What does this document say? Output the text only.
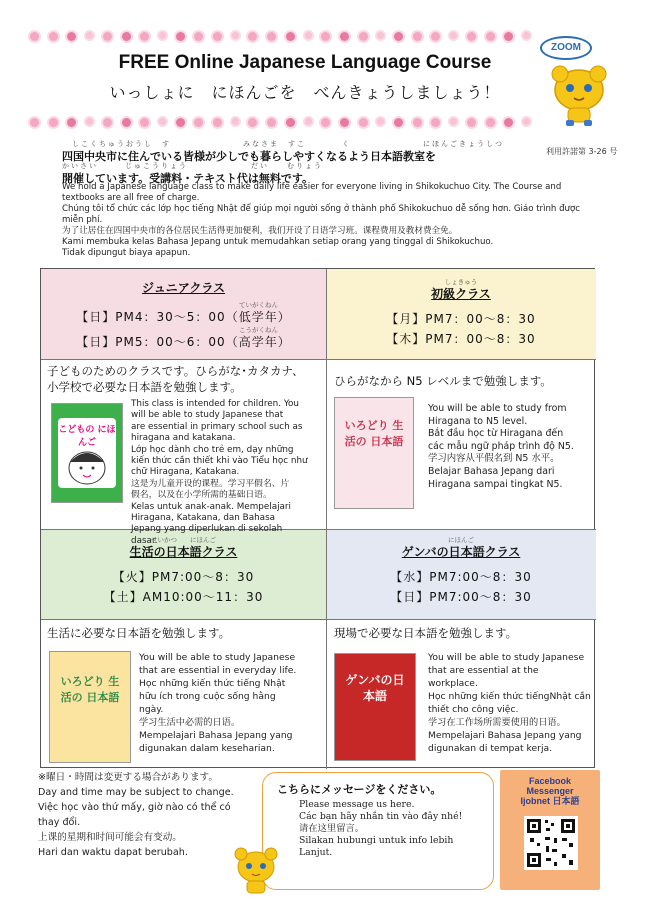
FREE Online Japanese Language Course
いっしょに　にほんごを　べんきょうしましょう！
ZOOM
利用許諾第 3-26 号
しこくちゅうおうし　す　　　　　　　　みなさま　すこ　　　　く　　　　　　　　にほんごきょうしつ
四国中央市に住んでいる皆様が少しでも暮らしやすくなるよう日本語教室を
かいさい　　　じゅこうりょう　　　　　　　だい　　むりょう
開催しています。受講料・テキスト代は無料です。

We hold a Japanese language class to make daily life easier for everyone living in Shikokuchuo City. The Course and textbooks are all free of charge.

Chúng tôi tổ chức các lớp học tiếng Nhật để giúp mọi người sống ở thành phố Shikokuchuo dễ sống hơn. Giáo trình được miễn phí.

为了让居住在四国中央市的各位居民生活得更加便利，我们开设了日语学习班。课程费用及教材费全免。

Kami membuka kelas Bahasa Jepang untuk memudahkan setiap orang yang tinggal di Shikokuchuo.

Tidak dipungut biaya apapun.

ジュニアクラス
ていがくねん
【日】PM4：30～5：00（低学年）
こうがくねん
【日】PM5：00～6：00（高学年）
しょきゅう
初級クラス
【月】PM7：00～8：30
【木】PM7：00～8：30
子どものためのクラスです。ひらがな･カタカナ、
小学校で必要な日本語を勉強します。
こどもの にほんご
This class is intended for children. You
will be able to study Japanese that
are essential in primary school such as
hiragana and katakana.
Lớp học dành cho trẻ em, dạy những
kiến thức cần thiết khi vào Tiểu học như
chữ Hiragana, Katakana.
这是为儿童开设的课程。学习平假名、片
假名，以及在小学所需的基础日语。
Kelas untuk anak-anak. Mempelajari
Hiragana, Katakana, dan Bahasa
Jepang yang diperlukan di sekolah
dasar.
ひらがなから N5 レベルまで勉強します。
いろどり 生活の 日本語
You will be able to study from
Hiragana to N5 level.
Bắt đầu học từ Hiragana đến
các mẫu ngữ pháp trình độ N5.
学习内容从平假名到 N5 水平。
Belajar Bahasa Jepang dari
Hiragana sampai tingkat N5.
せいかつ　　にほんご
生活の日本語クラス
【火】PM7:00～8：30
【土】AM10:00～11：30
にほんご
ゲンバの日本語クラス
【水】PM7:00～8：30
【日】PM7:00～8：30
生活に必要な日本語を勉強します。
いろどり 生活の 日本語
You will be able to study Japanese
that are essential in everyday life.
Học những kiến thức tiếng Nhật
hữu ích trong cuộc sống hằng
ngày.
学习生活中必需的日语。
Mempelajari Bahasa Jepang yang
digunakan dalam keseharian.
現場で必要な日本語を勉強します。
ゲンバの日本語
You will be able to study Japanese
that are essential at the
workplace.
Học những kiến thức tiếngNhật cần
thiết cho công việc.
学习在工作场所需要使用的日语。
Mempelajari Bahasa Jepang yang
digunakan di tempat kerja.
※曜日・時間は変更する場合があります。
Day and time may be subject to change.
Việc học vào thứ mấy, giờ nào có thể có
thay đổi.
上课的星期和时间可能会有变动。
Hari dan waktu dapat berubah.
こちらにメッセージをください。
Please message us here.
Các bạn hãy nhắn tin vào đây nhé!
请在这里留言。
Silakan hubungi untuk info lebih
Lanjut.
Facebook
Messenger
Ijobnet 日本語
